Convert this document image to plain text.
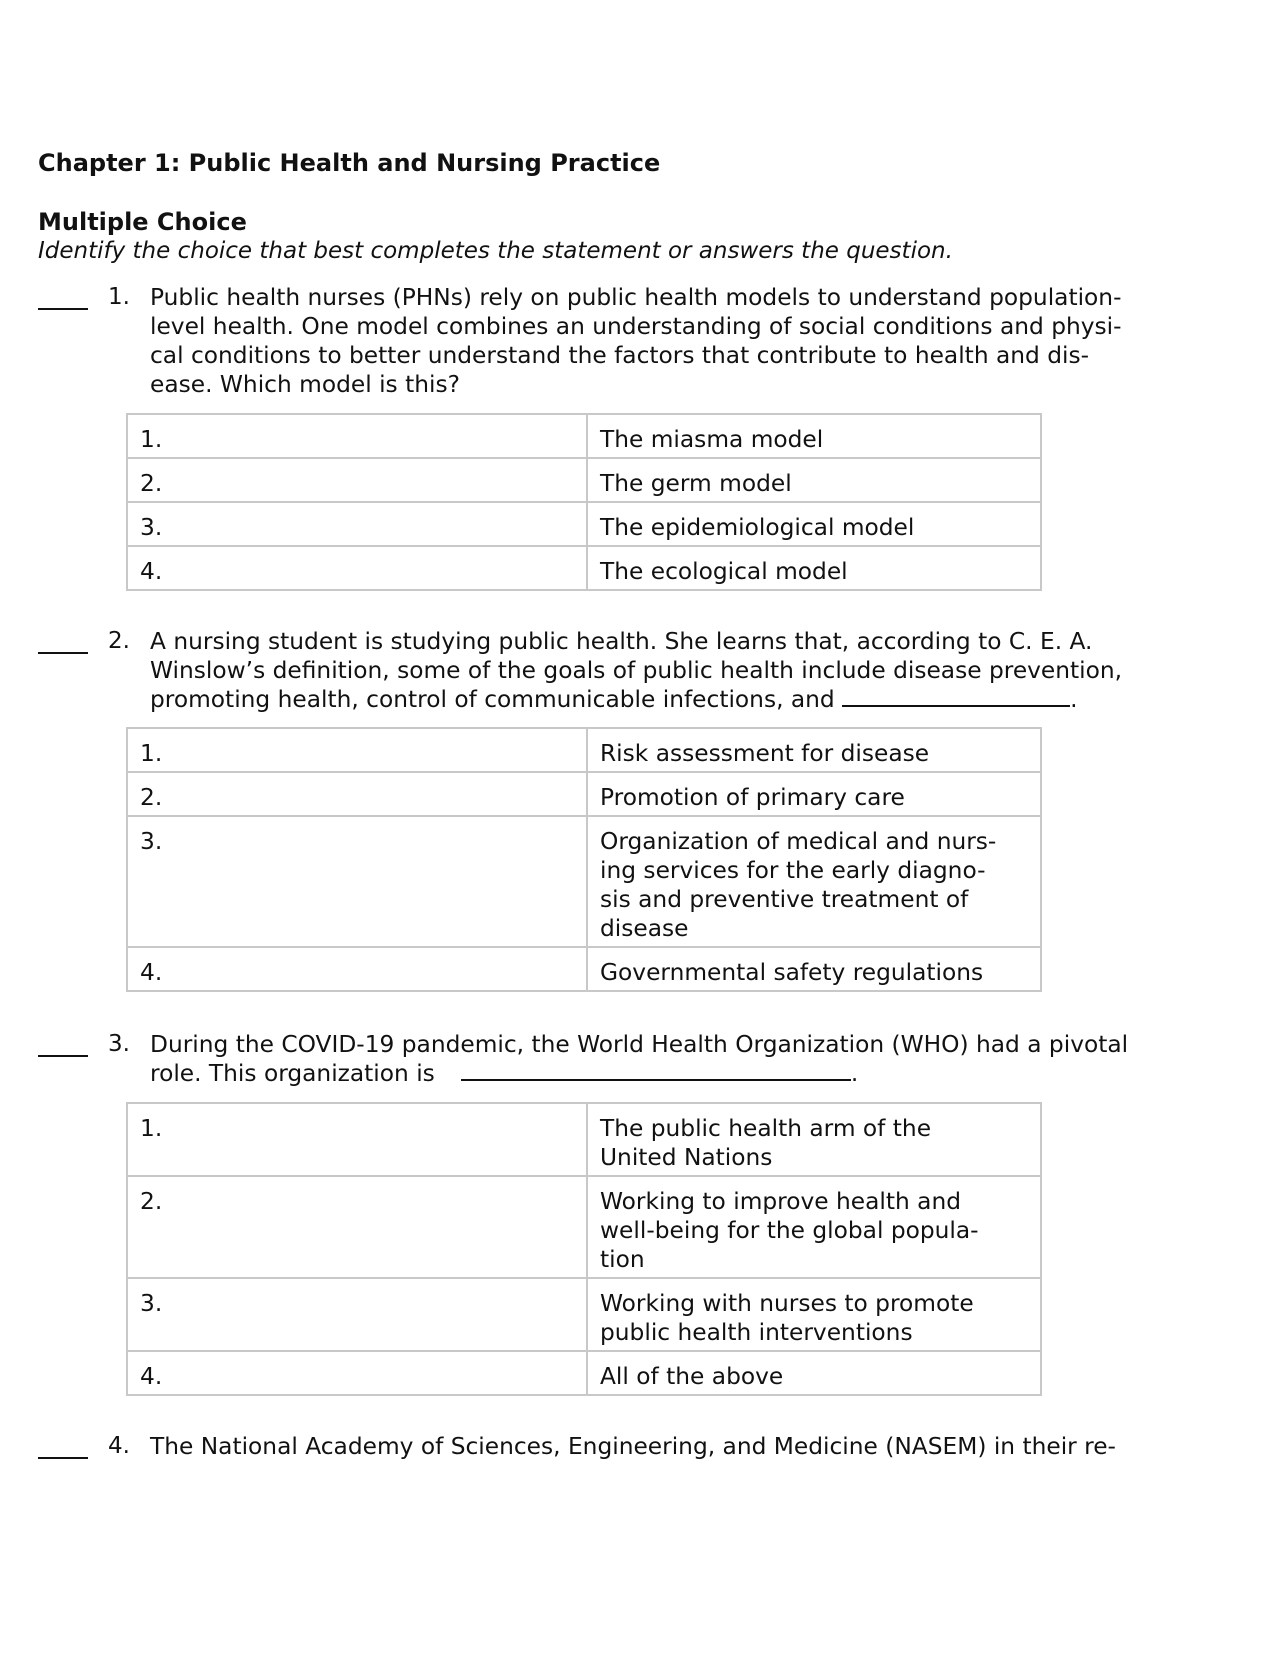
Chapter 1: Public Health and Nursing Practice
Multiple Choice
Identify the choice that best completes the statement or answers the question.
1. Public health nurses (PHNs) rely on public health models to understand population-
level health. One model combines an understanding of social conditions and physi-
cal conditions to better understand the factors that contribute to health and dis-
ease. Which model is this?
1.	The miasma model

2.	The germ model

3.	The epidemiological model

4.	The ecological model
2. A nursing student is studying public health. She learns that, according to C. E. A.
Winslow’s definition, some of the goals of public health include disease prevention,
promoting health, control of communicable infections, and	.
1.	Risk assessment for disease

2.	Promotion of primary care

3.	Organization of medical and nurs-
ing services for the early diagno-
sis and preventive treatment of
disease

4.	Governmental safety regulations
3. During the COVID-19 pandemic, the World Health Organization (WHO) had a pivotal
role. This organization is	.
1.	The public health arm of the
United Nations

2.	Working to improve health and
well-being for the global popula-
tion

3.	Working with nurses to promote
public health interventions

4.	All of the above
4. The National Academy of Sciences, Engineering, and Medicine (NASEM) in their re-
